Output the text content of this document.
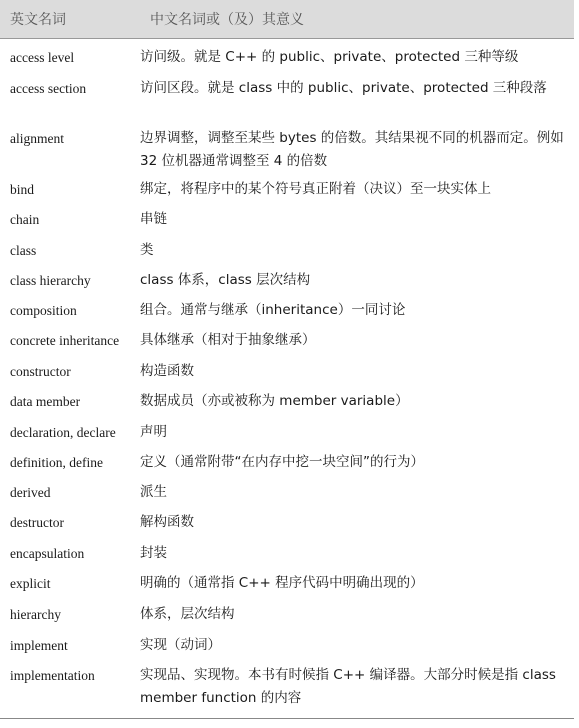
英文名词	中文名词或（及）其意义
access level	访问级。就是 C++ 的 public、private、protected 三种等级
access section	访问区段。就是 class 中的 public、private、protected 三种段落
alignment	边界调整，调整至某些 bytes 的倍数。其结果视不同的机器而定。例如 32 位机器通常调整至 4 的倍数
bind	绑定，将程序中的某个符号真正附着（决议）至一块实体上
chain	串链
class	类
class hierarchy	class 体系，class 层次结构
composition	组合。通常与继承（inheritance）一同讨论
concrete inheritance	具体继承（相对于抽象继承）
constructor	构造函数
data member	数据成员（亦或被称为 member variable）
declaration, declare	声明
definition, define	定义（通常附带“在内存中挖一块空间”的行为）
derived	派生
destructor	解构函数
encapsulation	封装
explicit	明确的（通常指 C++ 程序代码中明确出现的）
hierarchy	体系，层次结构
implement	实现（动词）
implementation	实现品、实现物。本书有时候指 C++ 编译器。大部分时候是指 class member function 的内容
